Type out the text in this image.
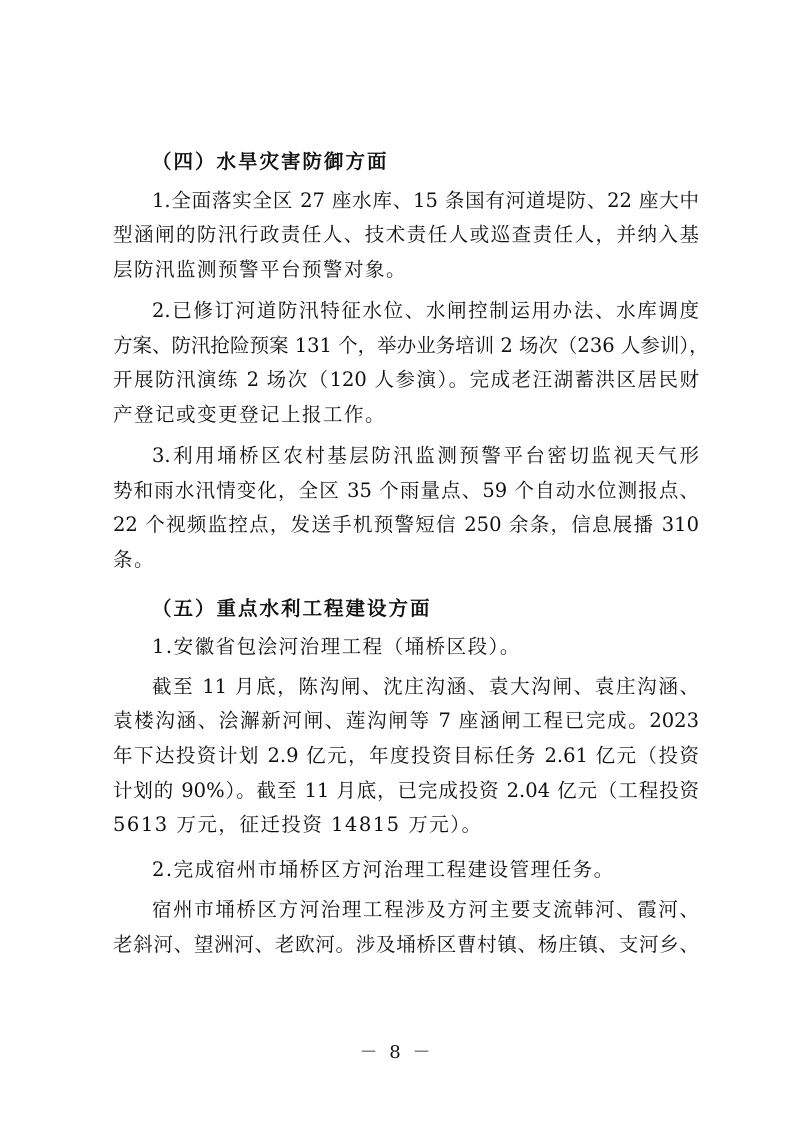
（四）水旱灾害防御方面
1.全面落实全区 27 座水库、15 条国有河道堤防、22 座大中
型涵闸的防汛行政责任人、技术责任人或巡查责任人，并纳入基
层防汛监测预警平台预警对象。
2.已修订河道防汛特征水位、水闸控制运用办法、水库调度
方案、防汛抢险预案 131 个，举办业务培训 2 场次（236 人参训），
开展防汛演练 2 场次（120 人参演）。完成老汪湖蓄洪区居民财
产登记或变更登记上报工作。
3.利用埇桥区农村基层防汛监测预警平台密切监视天气形
势和雨水汛情变化，全区 35 个雨量点、59 个自动水位测报点、
22 个视频监控点，发送手机预警短信 250 余条，信息展播 310
条。
（五）重点水利工程建设方面
1.安徽省包浍河治理工程（埇桥区段）。
截至 11 月底，陈沟闸、沈庄沟涵、袁大沟闸、袁庄沟涵、
袁楼沟涵、浍澥新河闸、莲沟闸等 7 座涵闸工程已完成。2023
年下达投资计划 2.9 亿元，年度投资目标任务 2.61 亿元（投资
计划的 90%）。截至 11 月底，已完成投资 2.04 亿元（工程投资
5613 万元，征迁投资 14815 万元）。
2.完成宿州市埇桥区方河治理工程建设管理任务。
宿州市埇桥区方河治理工程涉及方河主要支流韩河、霞河、
老斜河、望洲河、老欧河。涉及埇桥区曹村镇、杨庄镇、支河乡、
－ 8 －
